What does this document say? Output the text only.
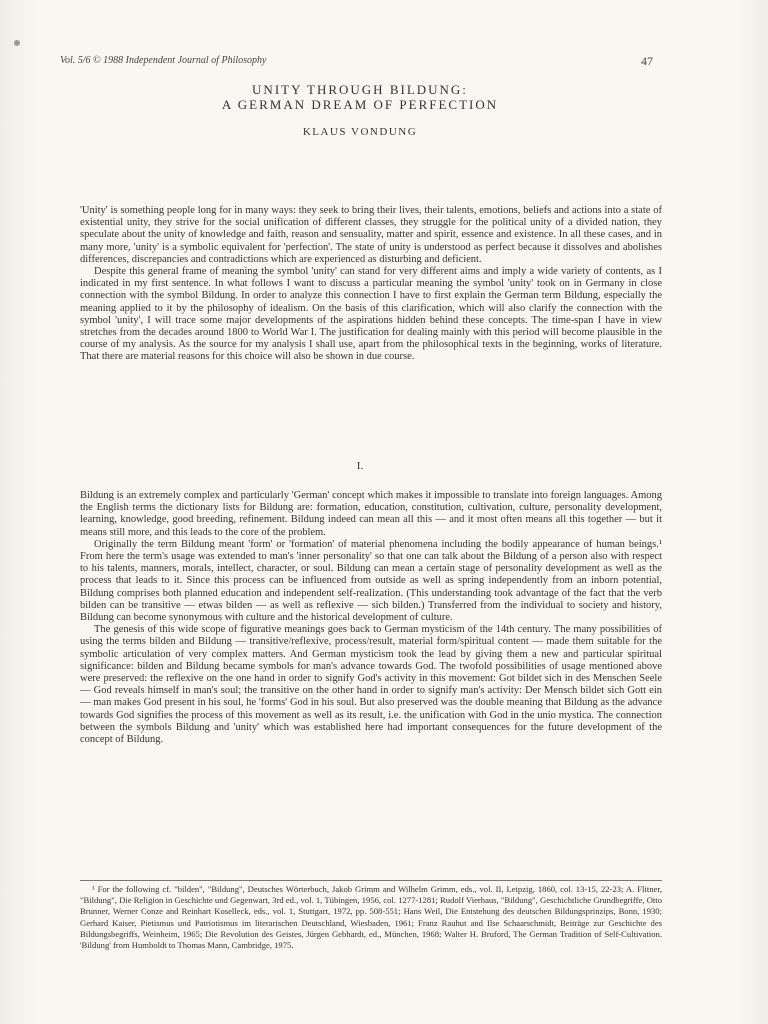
Vol. 5/6 © 1988 Independent Journal of Philosophy	47
UNITY THROUGH BILDUNG:
A GERMAN DREAM OF PERFECTION
KLAUS VONDUNG

'Unity' is something people long for in many ways: they seek to bring their lives, their talents, emotions, beliefs and actions into a state of existential unity, they strive for the social unification of different classes, they struggle for the political unity of a divided nation, they speculate about the unity of knowledge and faith, reason and sensuality, matter and spirit, essence and existence. In all these cases, and in many more, 'unity' is a symbolic equivalent for 'perfection'. The state of unity is understood as perfect because it dissolves and abolishes differences, discrepancies and contradictions which are experienced as disturbing and deficient.

Despite this general frame of meaning the symbol 'unity' can stand for very different aims and imply a wide variety of contents, as I indicated in my first sentence. In what follows I want to discuss a particular meaning the symbol 'unity' took on in Germany in close connection with the symbol Bildung. In order to analyze this connection I have to first explain the German term Bildung, especially the meaning applied to it by the philosophy of idealism. On the basis of this clarification, which will also clarify the connection with the symbol 'unity', I will trace some major developments of the aspirations hidden behind these concepts. The time-span I have in view stretches from the decades around 1800 to World War I. The justification for dealing mainly with this period will become plausible in the course of my analysis. As the source for my analysis I shall use, apart from the philosophical texts in the beginning, works of literature. That there are material reasons for this choice will also be shown in due course.

I.

Bildung is an extremely complex and particularly 'German' concept which makes it impossible to translate into foreign languages. Among the English terms the dictionary lists for Bildung are: formation, education, constitution, cultivation, culture, personality development, learning, knowledge, good breeding, refinement. Bildung indeed can mean all this — and it most often means all this together — but it means still more, and this leads to the core of the problem.

Originally the term Bildung meant 'form' or 'formation' of material phenomena including the bodily appearance of human beings.¹ From here the term's usage was extended to man's 'inner personality' so that one can talk about the Bildung of a person also with respect to his talents, manners, morals, intellect, character, or soul. Bildung can mean a certain stage of personality development as well as the process that leads to it. Since this process can be influenced from outside as well as spring independently from an inborn potential, Bildung comprises both planned education and independent self-realization. (This understanding took advantage of the fact that the verb bilden can be transitive — etwas bilden — as well as reflexive — sich bilden.) Transferred from the individual to society and history, Bildung can become synonymous with culture and the historical development of culture.

The genesis of this wide scope of figurative meanings goes back to German mysticism of the 14th century. The many possibilities of using the terms bilden and Bildung — transitive/reflexive, process/result, material form/spiritual content — made them suitable for the symbolic articulation of very complex matters. And German mysticism took the lead by giving them a new and particular spiritual significance: bilden and Bildung became symbols for man's advance towards God. The twofold possibilities of usage mentioned above were preserved: the reflexive on the one hand in order to signify God's activity in this movement: Got bildet sich in des Menschen Seele — God reveals himself in man's soul; the transitive on the other hand in order to signify man's activity: Der Mensch bildet sich Gott ein — man makes God present in his soul, he 'forms' God in his soul. But also preserved was the double meaning that Bildung as the advance towards God signifies the process of this movement as well as its result, i.e. the unification with God in the unio mystica. The connection between the symbols Bildung and 'unity' which was established here had important consequences for the future development of the concept of Bildung.

¹ For the following cf. "bilden", "Bildung", Deutsches Wörterbuch, Jakob Grimm and Wilhelm Grimm, eds., vol. II, Leipzig, 1860, col. 13-15, 22-23; A. Flitner, "Bildung", Die Religion in Geschichte und Gegenwart, 3rd ed., vol. 1, Tübingen, 1956, col. 1277-1281; Rudolf Vierhaus, "Bildung", Geschichtliche Grundbegriffe, Otto Brunner, Werner Conze and Reinhart Koselleck, eds., vol. 1, Stuttgart, 1972, pp. 508-551; Hans Weil, Die Entstehung des deutschen Bildungsprinzips, Bonn, 1930; Gerhard Kaiser, Pietismus und Patriotismus im literarischen Deutschland, Wiesbaden, 1961; Franz Rauhut and Ilse Schaarschmidt, Beiträge zur Geschichte des Bildungsbegriffs, Weinheim, 1965; Die Revolution des Geistes, Jürgen Gebhardt, ed., München, 1968; Walter H. Bruford, The German Tradition of Self-Cultivation. 'Bildung' from Humboldt to Thomas Mann, Cambridge, 1975.
